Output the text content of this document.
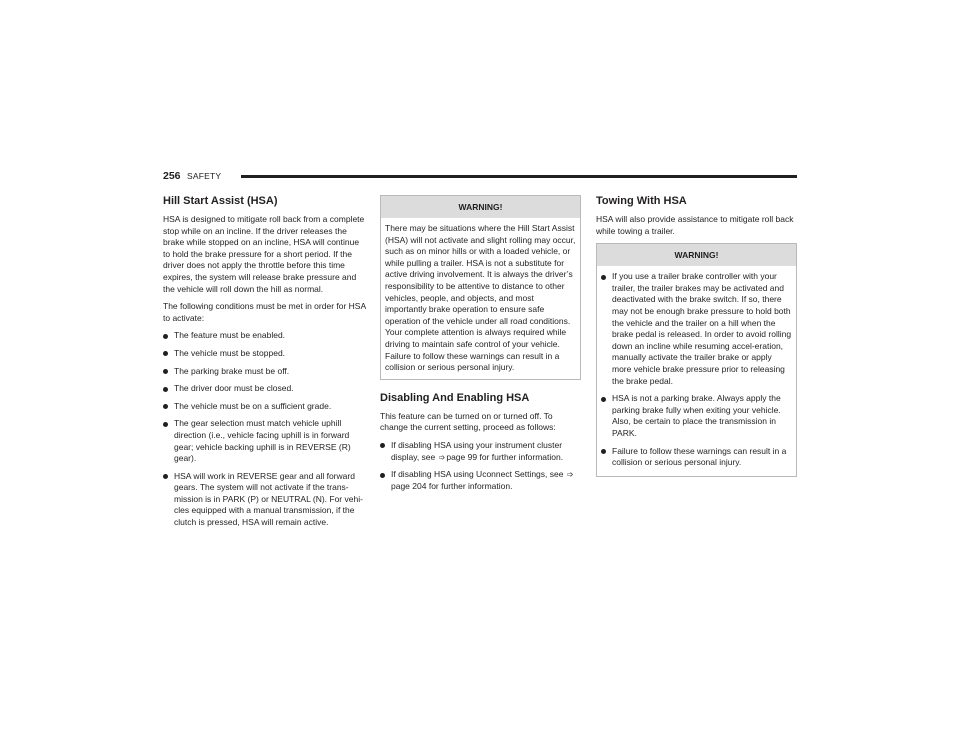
256 SAFETY
Hill Start Assist (HSA)

HSA is designed to mitigate roll back from a complete stop while on an incline. If the driver releases the brake while stopped on an incline, HSA will continue to hold the brake pressure for a short period. If the driver does not apply the throttle before this time expires, the system will release brake pressure and the vehicle will roll down the hill as normal.

The following conditions must be met in order for HSA to activate:

The feature must be enabled.
The vehicle must be stopped.
The parking brake must be off.
The driver door must be closed.
The vehicle must be on a sufficient grade.
The gear selection must match vehicle uphill direction (i.e., vehicle facing uphill is in forward gear; vehicle backing uphill is in REVERSE (R) gear).
HSA will work in REVERSE gear and all forward gears. The system will not activate if the trans-mission is in PARK (P) or NEUTRAL (N). For vehi-cles equipped with a manual transmission, if the clutch is pressed, HSA will remain active.
WARNING!
There may be situations where the Hill Start Assist (HSA) will not activate and slight rolling may occur, such as on minor hills or with a loaded vehicle, or while pulling a trailer. HSA is not a substitute for active driving involvement. It is always the driver’s responsibility to be attentive to distance to other vehicles, people, and objects, and most importantly brake operation to ensure safe operation of the vehicle under all road conditions. Your complete attention is always required while driving to maintain safe control of your vehicle. Failure to follow these warnings can result in a collision or serious personal injury.
Disabling And Enabling HSA

This feature can be turned on or turned off. To change the current setting, proceed as follows:

If disabling HSA using your instrument cluster display, see ➩page 99 for further information.
If disabling HSA using Uconnect Settings, see ➩page 204 for further information.
Towing With HSA

HSA will also provide assistance to mitigate roll back while towing a trailer.

WARNING!
If you use a trailer brake controller with your trailer, the trailer brakes may be activated and deactivated with the brake switch. If so, there may not be enough brake pressure to hold both the vehicle and the trailer on a hill when the brake pedal is released. In order to avoid rolling down an incline while resuming accel-eration, manually activate the trailer brake or apply more vehicle brake pressure prior to releasing the brake pedal.
HSA is not a parking brake. Always apply the parking brake fully when exiting your vehicle. Also, be certain to place the transmission in PARK.
Failure to follow these warnings can result in a collision or serious personal injury.
